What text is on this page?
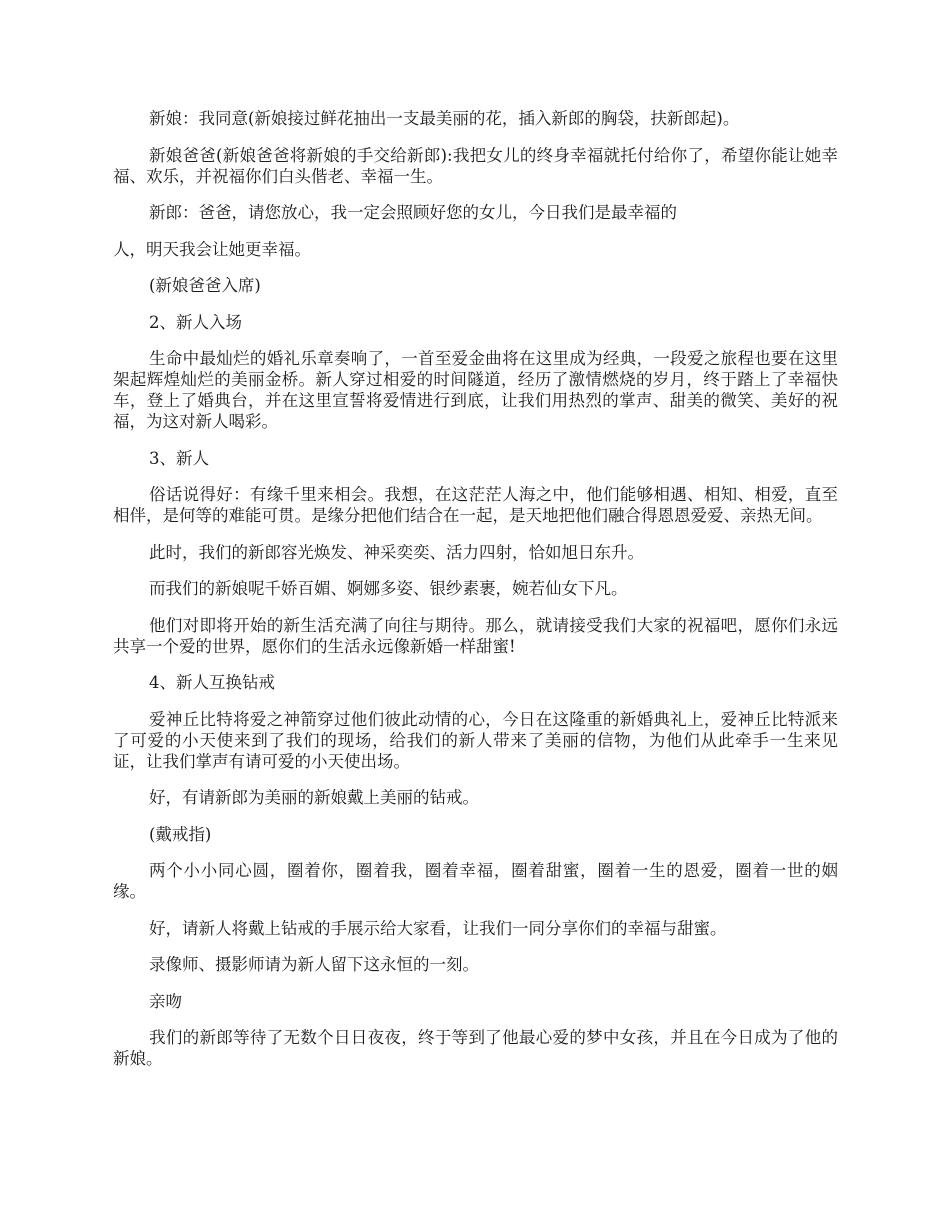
新娘：我同意(新娘接过鲜花抽出一支最美丽的花，插入新郎的胸袋，扶新郎起)。

新娘爸爸(新娘爸爸将新娘的手交给新郎):我把女儿的终身幸福就托付给你了，希望你能让她幸福、欢乐，并祝福你们白头偕老、幸福一生。

新郎：爸爸，请您放心，我一定会照顾好您的女儿，今日我们是最幸福的

人，明天我会让她更幸福。

(新娘爸爸入席)

2、新人入场

生命中最灿烂的婚礼乐章奏响了，一首至爱金曲将在这里成为经典，一段爱之旅程也要在这里架起辉煌灿烂的美丽金桥。新人穿过相爱的时间隧道，经历了激情燃烧的岁月，终于踏上了幸福快车，登上了婚典台，并在这里宣誓将爱情进行到底，让我们用热烈的掌声、甜美的微笑、美好的祝福，为这对新人喝彩。

3、新人

俗话说得好：有缘千里来相会。我想，在这茫茫人海之中，他们能够相遇、相知、相爱，直至相伴，是何等的难能可贯。是缘分把他们结合在一起，是天地把他们融合得恩恩爱爱、亲热无间。

此时，我们的新郎容光焕发、神采奕奕、活力四射，恰如旭日东升。

而我们的新娘呢千娇百媚、婀娜多姿、银纱素裹，婉若仙女下凡。

他们对即将开始的新生活充满了向往与期待。那么，就请接受我们大家的祝福吧，愿你们永远共享一个爱的世界，愿你们的生活永远像新婚一样甜蜜!

4、新人互换钻戒

爱神丘比特将爱之神箭穿过他们彼此动情的心，今日在这隆重的新婚典礼上，爱神丘比特派来了可爱的小天使来到了我们的现场，给我们的新人带来了美丽的信物，为他们从此牵手一生来见证，让我们掌声有请可爱的小天使出场。

好，有请新郎为美丽的新娘戴上美丽的钻戒。

(戴戒指)

两个小小同心圆，圈着你，圈着我，圈着幸福，圈着甜蜜，圈着一生的恩爱，圈着一世的姻缘。

好，请新人将戴上钻戒的手展示给大家看，让我们一同分享你们的幸福与甜蜜。

录像师、摄影师请为新人留下这永恒的一刻。

亲吻

我们的新郎等待了无数个日日夜夜，终于等到了他最心爱的梦中女孩，并且在今日成为了他的新娘。
